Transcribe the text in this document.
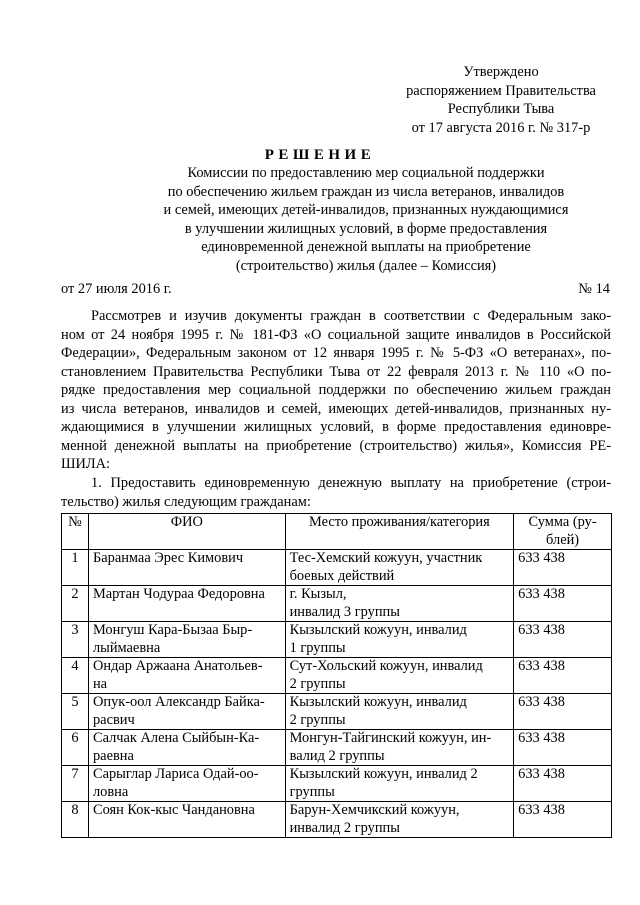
Утверждено
распоряжением Правительства
Республики Тыва
от 17 августа 2016 г. № 317-р
РЕШЕНИЕ
Комиссии по предоставлению мер социальной поддержки
по обеспечению жильем граждан из числа ветеранов, инвалидов
и семей, имеющих детей-инвалидов, признанных нуждающимися
в улучшении жилищных условий, в форме предоставления
единовременной денежной выплаты на приобретение
(строительство) жилья (далее – Комиссия)
от 27 июля 2016 г.	№ 14
Рассмотрев и изучив документы граждан в соответствии с Федеральным зако-
ном от 24 ноября 1995 г. № 181-ФЗ «О социальной защите инвалидов в Российской
Федерации», Федеральным законом от 12 января 1995 г. № 5-ФЗ «О ветеранах», по-
становлением Правительства Республики Тыва от 22 февраля 2013 г. № 110 «О по-
рядке предоставления мер социальной поддержки по обеспечению жильем граждан
из числа ветеранов, инвалидов и семей, имеющих детей-инвалидов, признанных ну-
ждающимися в улучшении жилищных условий, в форме предоставления единовре-
менной денежной выплаты на приобретение (строительство) жилья», Комиссия РЕ-
ШИЛА:
1. Предоставить единовременную денежную выплату на приобретение (строи-
тельство) жилья следующим гражданам:
№	ФИО	Место проживания/категория	Сумма (ру-
блей)
1	Баранмаа Эрес Кимович	Тес-Хемский кожуун, участник
боевых действий	633 438
2	Мартан Чодураа Федоровна	г. Кызыл,
инвалид 3 группы	633 438
3	Монгуш Кара-Бызаа Быр-
лыймаевна	Кызылский кожуун, инвалид
1 группы	633 438
4	Ондар Аржаана Анатольев-
на	Сут-Хольский кожуун, инвалид
2 группы	633 438
5	Опук-оол Александр Байка-
расвич	Кызылский кожуун, инвалид
2 группы	633 438
6	Салчак Алена Сыйбын-Ка-
раевна	Монгун-Тайгинский кожуун, ин-
валид 2 группы	633 438
7	Сарыглар Лариса Одай-оо-
ловна	Кызылский кожуун, инвалид 2
группы	633 438
8	Соян Кок-кыс Чандановна	Барун-Хемчикский кожуун,
инвалид 2 группы	633 438
